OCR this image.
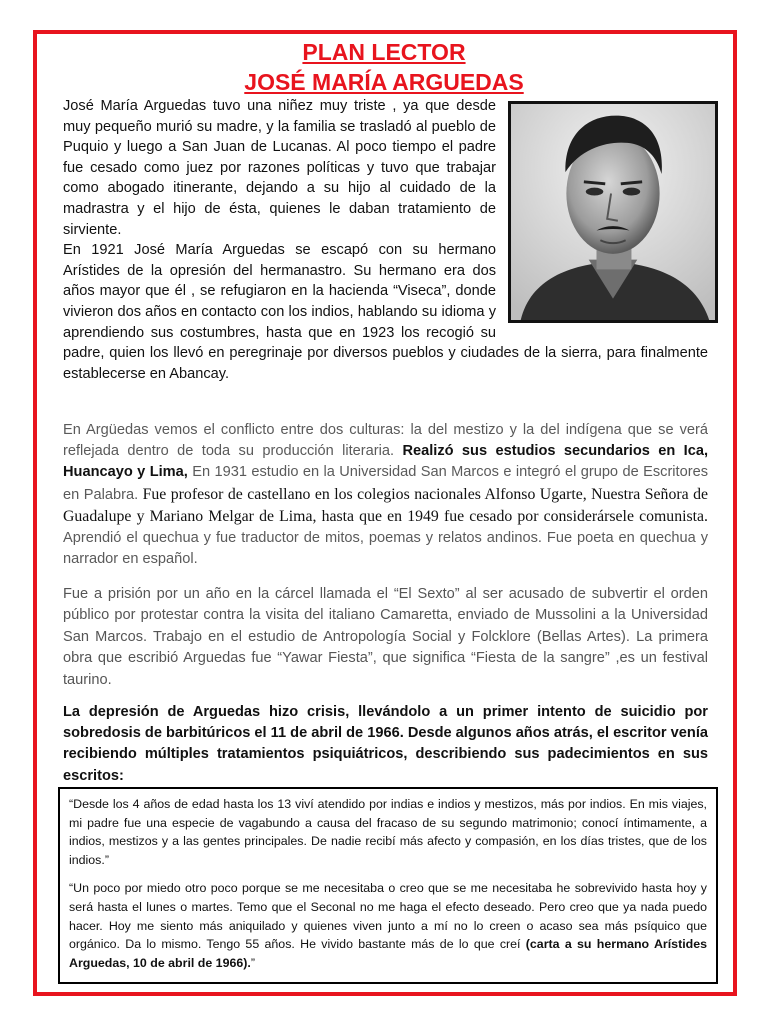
PLAN LECTOR
JOSÉ MARÍA ARGUEDAS

José María Arguedas tuvo una niñez muy triste , ya que desde muy pequeño murió su madre, y la familia se trasladó al pueblo de Puquio y luego a San Juan de Lucanas. Al poco tiempo el padre fue cesado como juez por razones políticas y tuvo que trabajar como abogado itinerante, dejando a su hijo al cuidado de la madrastra y el hijo de ésta, quienes le daban tratamiento de sirviente.

En 1921 José María Arguedas se escapó con su hermano Arístides de la opresión del hermanastro. Su hermano era dos años mayor que él , se refugiaron en la hacienda “Viseca”, donde vivieron dos años en contacto con los indios, hablando su idioma y aprendiendo sus costumbres, hasta que en 1923 los recogió su padre, quien los llevó en peregrinaje por diversos pueblos y ciudades de la sierra, para finalmente establecerse en Abancay.

En Argüedas vemos el conflicto entre dos culturas: la del mestizo y la del indígena que se verá reflejada dentro de toda su producción literaria. Realizó sus estudios secundarios en Ica, Huancayo y Lima, En 1931 estudio en la Universidad San Marcos e integró el grupo de Escritores en Palabra. Fue profesor de castellano en los colegios nacionales Alfonso Ugarte, Nuestra Señora de Guadalupe y Mariano Melgar de Lima, hasta que en 1949 fue cesado por considerársele comunista. Aprendió el quechua y fue traductor de mitos, poemas y relatos andinos. Fue poeta en quechua y narrador en español.

Fue a prisión por un año en la cárcel llamada el “El Sexto” al ser acusado de subvertir el orden público por protestar contra la visita del italiano Camaretta, enviado de Mussolini a la Universidad San Marcos. Trabajo en el estudio de Antropología Social y Folcklore (Bellas Artes). La primera obra que escribió Arguedas fue “Yawar Fiesta”, que significa “Fiesta de la sangre” ,es un festival taurino.

La depresión de Arguedas hizo crisis, llevándolo a un primer intento de suicidio por sobredosis de barbitúricos el 11 de abril de 1966. Desde algunos años atrás, el escritor venía recibiendo múltiples tratamientos psiquiátricos, describiendo sus padecimientos en sus escritos:

“Desde los 4 años de edad hasta los 13 viví atendido por indias e indios y mestizos, más por indios. En mis viajes, mi padre fue una especie de vagabundo a causa del fracaso de su segundo matrimonio; conocí íntimamente, a indios, mestizos y a las gentes principales. De nadie recibí más afecto y compasión, en los días tristes, que de los indios.”

“Un poco por miedo otro poco porque se me necesitaba o creo que se me necesitaba he sobrevivido hasta hoy y será hasta el lunes o martes. Temo que el Seconal no me haga el efecto deseado. Pero creo que ya nada puedo hacer. Hoy me siento más aniquilado y quienes viven junto a mí no lo creen o acaso sea más psíquico que orgánico. Da lo mismo. Tengo 55 años. He vivido bastante más de lo que creí (carta a su hermano Arístides Arguedas, 10 de abril de 1966).”
